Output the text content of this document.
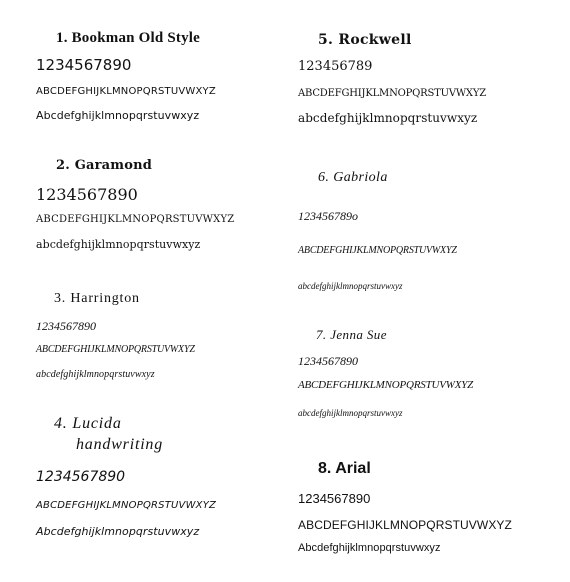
1. Bookman Old Style
1234567890
ABCDEFGHIJKLMNOPQRSTUVWXYZ
Abcdefghijklmnopqrstuvwxyz
2. Garamond
1234567890
ABCDEFGHIJKLMNOPQRSTUVWXYZ
abcdefghijklmnopqrstuvwxyz
3. Harrington
1234567890
ABCDEFGHIJKLMNOPQRSTUVWXYZ
abcdefghijklmnopqrstuvwxyz
4. Lucida
handwriting
1234567890
ABCDEFGHIJKLMNOPQRSTUVWXYZ
Abcdefghijklmnopqrstuvwxyz
5. Rockwell
123456789
ABCDEFGHIJKLMNOPQRSTUVWXYZ
abcdefghijklmnopqrstuvwxyz
6. Gabriola
123456789o
ABCDEFGHIJKLMNOPQRSTUVWXYZ
abcdefghijklmnopqrstuvwxyz
7. Jenna Sue
1234567890
ABCDEFGHIJKLMNOPQRSTUVWXYZ
abcdefghijklmnopqrstuvwxyz
8. Arial
1234567890
ABCDEFGHIJKLMNOPQRSTUVWXYZ
Abcdefghijklmnopqrstuvwxyz
